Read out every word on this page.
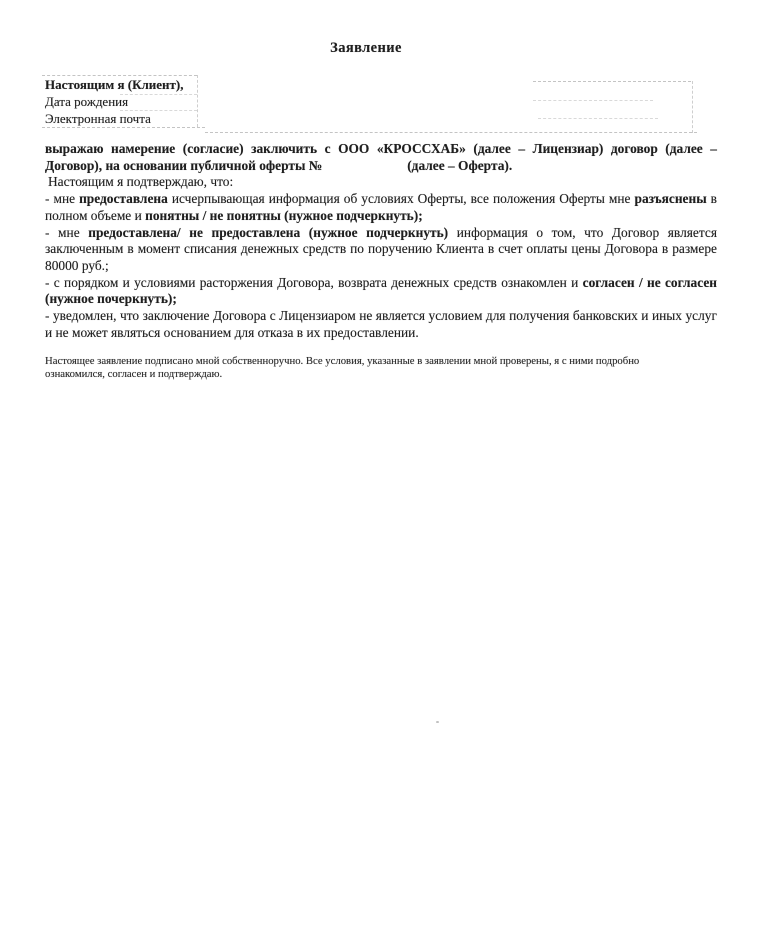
Заявление
Настоящим я (Клиент),
Дата рождения
Электронная почта

выражаю намерение (согласие) заключить с ООО «КРОССХАБ» (далее – Лицензиар) договор (далее – Договор), на основании публичной оферты №	(далее – Оферта).

Настоящим я подтверждаю, что:

- мне предоставлена исчерпывающая информация об условиях Оферты, все положения Оферты мне разъяснены в полном объеме и понятны / не понятны (нужное подчеркнуть);

- мне предоставлена/ не предоставлена (нужное подчеркнуть) информация о том, что Договор является заключенным в момент списания денежных средств по поручению Клиента в счет оплаты цены Договора в размере 80000 руб.;

- с порядком и условиями расторжения Договора, возврата денежных средств ознакомлен и согласен / не согласен (нужное почеркнуть);

- уведомлен, что заключение Договора с Лицензиаром не является условием для получения банковских и иных услуг и не может являться основанием для отказа в их предоставлении.

Настоящее заявление подписано мной собственноручно. Все условия, указанные в заявлении мной проверены, я с ними подробно ознакомился, согласен и подтверждаю.
